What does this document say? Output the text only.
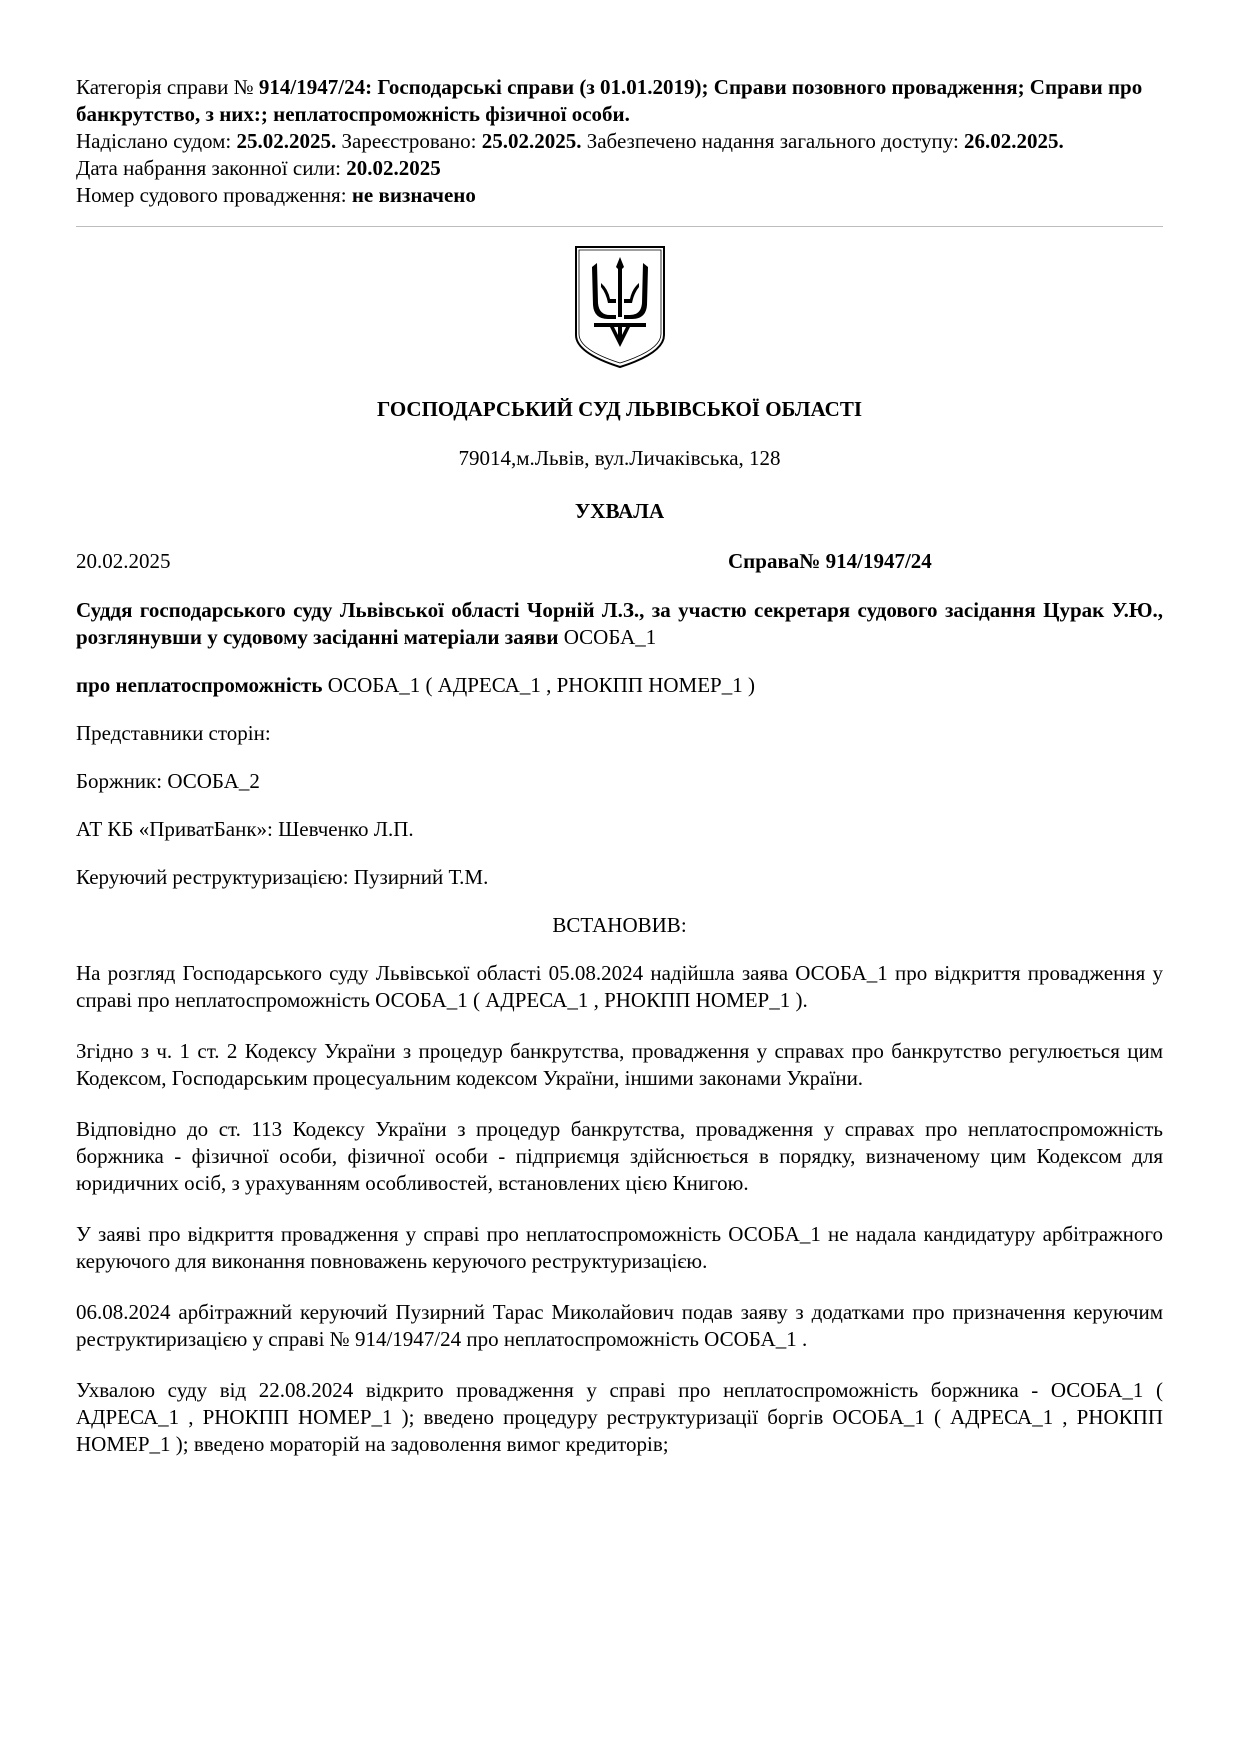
Категорія справи № 914/1947/24: Господарські справи (з 01.01.2019); Справи позовного провадження; Справи про банкрутство, з них:; неплатоспроможність фізичної особи.

Надіслано судом: 25.02.2025. Зареєстровано: 25.02.2025. Забезпечено надання загального доступу: 26.02.2025.

Дата набрання законної сили: 20.02.2025

Номер судового провадження: не визначено

ГОСПОДАРСЬКИЙ СУД ЛЬВІВСЬКОЇ ОБЛАСТІ
79014,м.Львів, вул.Личаківська, 128
УХВАЛА
20.02.2025	Справа№ 914/1947/24

Суддя господарського суду Львівської області Чорній Л.З., за участю секретаря судового засідання Цурак У.Ю., розглянувши у судовому засіданні матеріали заяви ОСОБА_1

про неплатоспроможність ОСОБА_1 ( АДРЕСА_1 , РНОКПП НОМЕР_1 )

Представники сторін:

Боржник: ОСОБА_2

АТ КБ «ПриватБанк»: Шевченко Л.П.

Керуючий реструктуризацією: Пузирний Т.М.

ВСТАНОВИВ:

На розгляд Господарського суду Львівської області 05.08.2024 надійшла заява ОСОБА_1 про відкриття провадження у справі про неплатоспроможність ОСОБА_1 ( АДРЕСА_1 , РНОКПП НОМЕР_1 ).

Згідно з ч. 1 ст. 2 Кодексу України з процедур банкрутства, провадження у справах про банкрутство регулюється цим Кодексом, Господарським процесуальним кодексом України, іншими законами України.

Відповідно до ст. 113 Кодексу України з процедур банкрутства, провадження у справах про неплатоспроможність боржника - фізичної особи, фізичної особи - підприємця здійснюється в порядку, визначеному цим Кодексом для юридичних осіб, з урахуванням особливостей, встановлених цією Книгою.

У заяві про відкриття провадження у справі про неплатоспроможність ОСОБА_1 не надала кандидатуру арбітражного керуючого для виконання повноважень керуючого реструктуризацією.

06.08.2024 арбітражний керуючий Пузирний Тарас Миколайович подав заяву з додатками про призначення керуючим реструктиризацією у справі № 914/1947/24 про неплатоспроможність ОСОБА_1 .

Ухвалою суду від 22.08.2024 відкрито провадження у справі про неплатоспроможність боржника - ОСОБА_1 ( АДРЕСА_1 , РНОКПП НОМЕР_1 ); введено процедуру реструктуризації боргів ОСОБА_1 ( АДРЕСА_1 , РНОКПП НОМЕР_1 ); введено мораторій на задоволення вимог кредиторів;
